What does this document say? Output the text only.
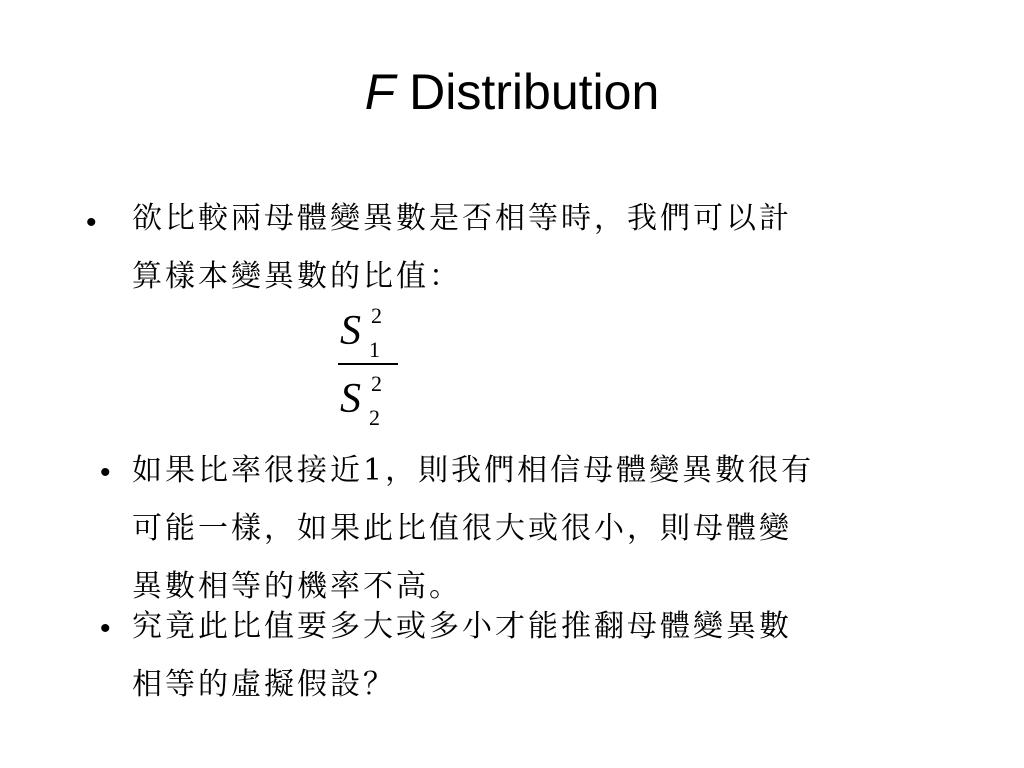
F Distribution
• 欲比較兩母體變異數是否相等時，我們可以計
算樣本變異數的比值：
S 2
1
S 2
2
• 如果比率很接近1，則我們相信母體變異數很有
可能一樣，如果此比值很大或很小，則母體變
異數相等的機率不高。
• 究竟此比值要多大或多小才能推翻母體變異數
相等的虛擬假設？
